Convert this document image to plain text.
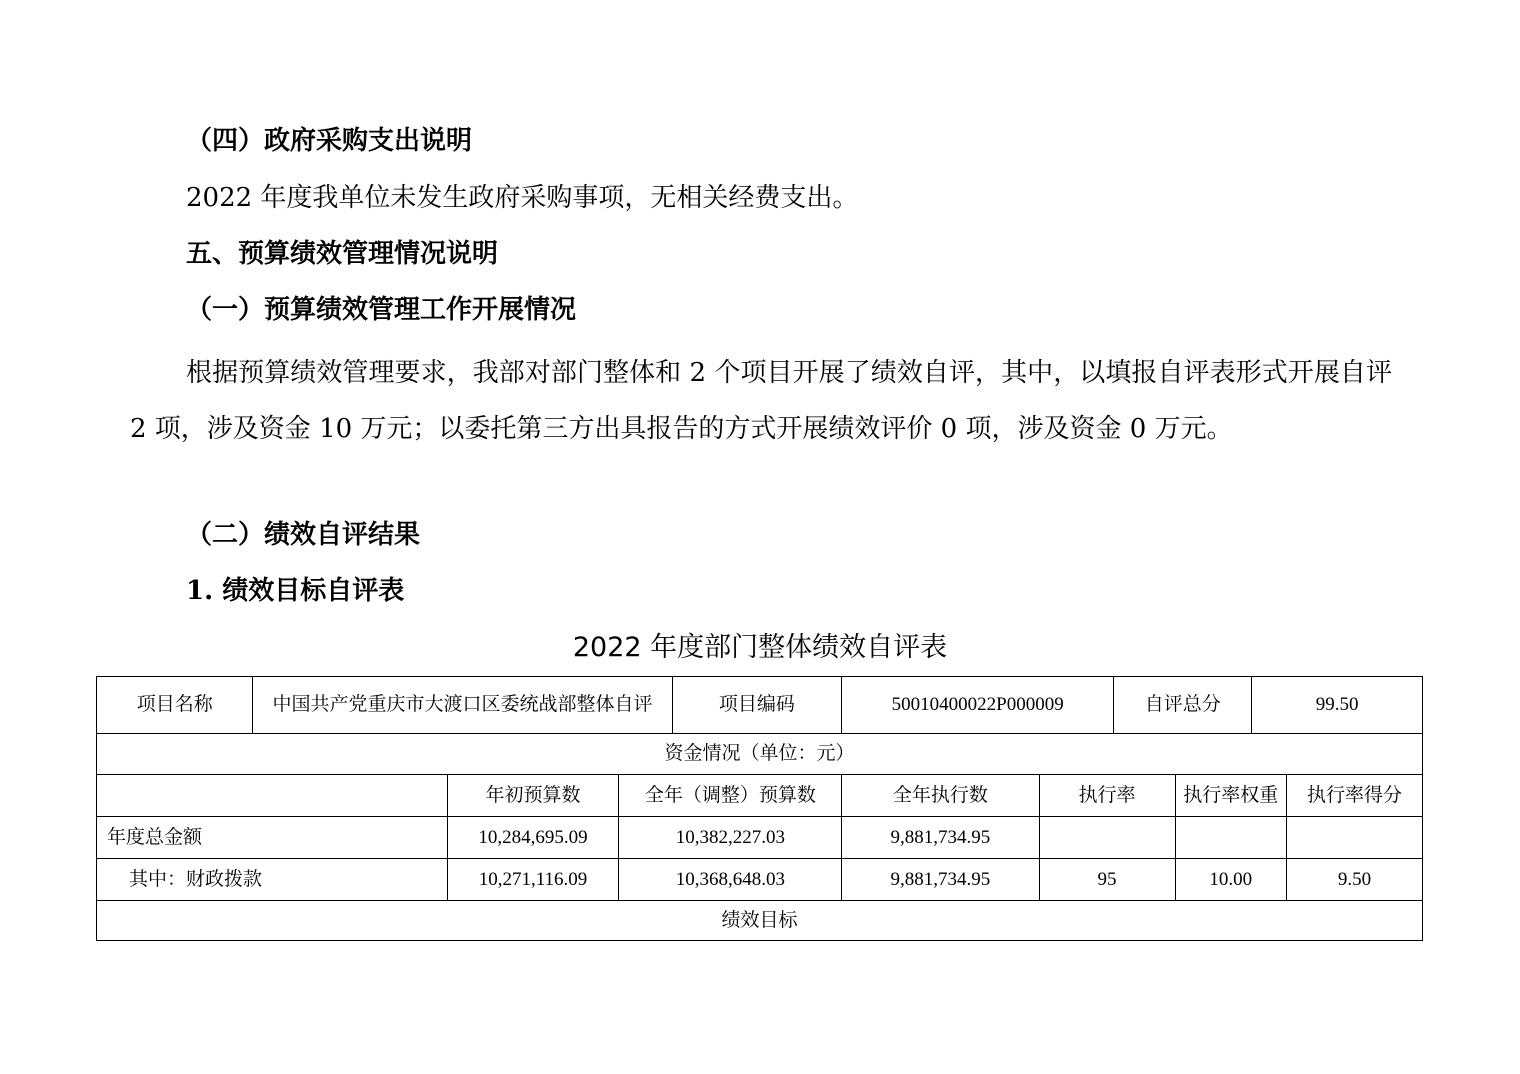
（四）政府采购支出说明
2022 年度我单位未发生政府采购事项，无相关经费支出。
五、预算绩效管理情况说明
（一）预算绩效管理工作开展情况
根据预算绩效管理要求，我部对部门整体和 2 个项目开展了绩效自评，其中，以填报自评表形式开展自评 2 项，涉及资金 10 万元；以委托第三方出具报告的方式开展绩效评价 0 项，涉及资金 0 万元。
（二）绩效自评结果
1. 绩效目标自评表
2022 年度部门整体绩效自评表
项目名称	中国共产党重庆市大渡口区委统战部整体自评			项目编码	50010400022P000009		自评总分		99.50	
资金情况（单位：元）										
		年初预算数	全年（调整）预算数		全年执行数	执行率		执行率权重		执行率得分
年度总金额		10,284,695.09	10,382,227.03		9,881,734.95					
其中：财政拨款		10,271,116.09	10,368,648.03		9,881,734.95	95		10.00		9.50
绩效目标										
